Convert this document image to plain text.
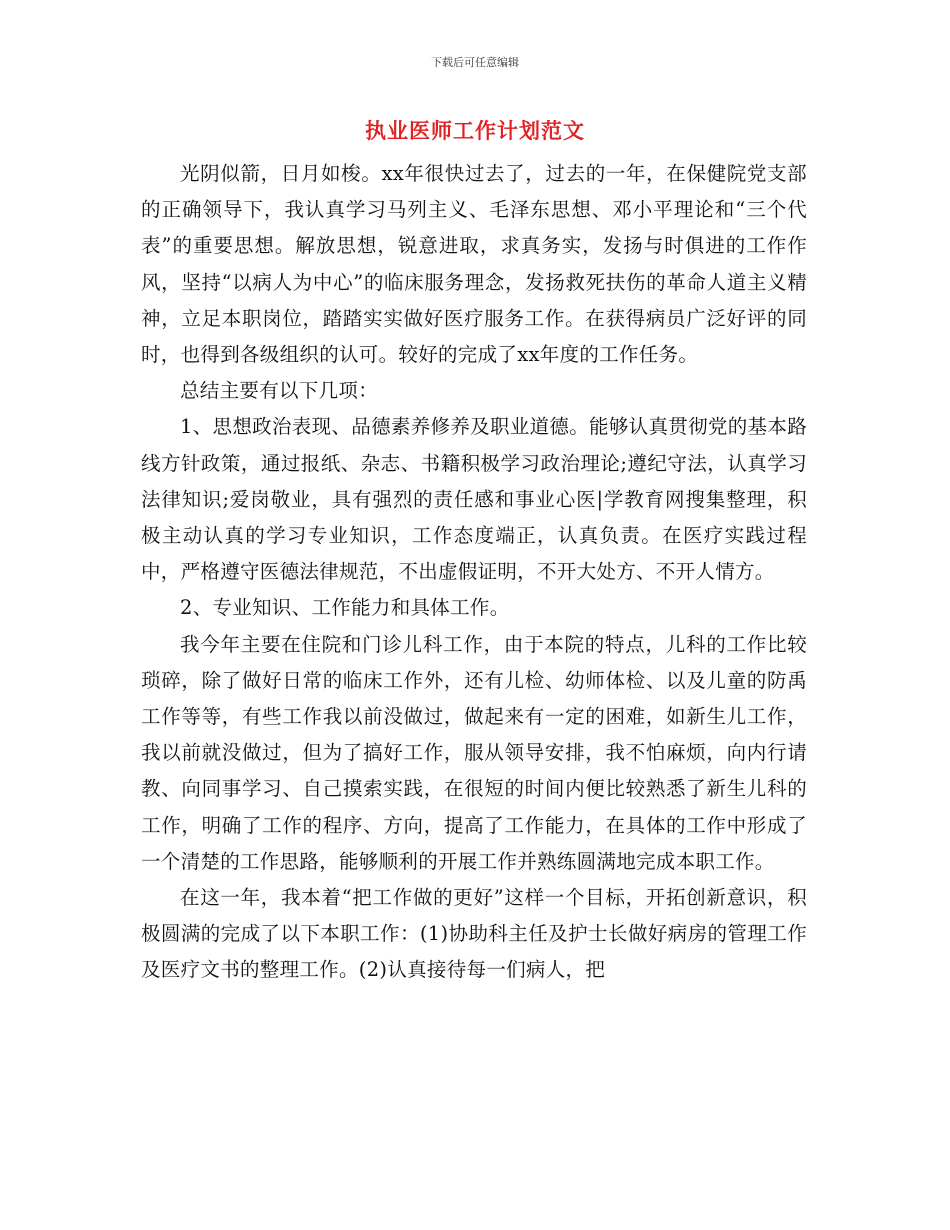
下载后可任意编辑
执业医师工作计划范文

光阴似箭，日月如梭。xx年很快过去了，过去的一年，在保健院党支部的正确领导下，我认真学习马列主义、毛泽东思想、邓小平理论和“三个代表”的重要思想。解放思想，锐意进取，求真务实，发扬与时俱进的工作作风，坚持“以病人为中心”的临床服务理念，发扬救死扶伤的革命人道主义精神，立足本职岗位，踏踏实实做好医疗服务工作。在获得病员广泛好评的同时，也得到各级组织的认可。较好的完成了xx年度的工作任务。

总结主要有以下几项：

1、思想政治表现、品德素养修养及职业道德。能够认真贯彻党的基本路线方针政策，通过报纸、杂志、书籍积极学习政治理论;遵纪守法，认真学习法律知识;爱岗敬业，具有强烈的责任感和事业心医|学教育网搜集整理，积极主动认真的学习专业知识，工作态度端正，认真负责。在医疗实践过程中，严格遵守医德法律规范，不出虚假证明，不开大处方、不开人情方。

2、专业知识、工作能力和具体工作。

我今年主要在住院和门诊儿科工作，由于本院的特点，儿科的工作比较琐碎，除了做好日常的临床工作外，还有儿检、幼师体检、以及儿童的防禹工作等等，有些工作我以前没做过，做起来有一定的困难，如新生儿工作，我以前就没做过，但为了搞好工作，服从领导安排，我不怕麻烦，向内行请教、向同事学习、自己摸索实践，在很短的时间内便比较熟悉了新生儿科的工作，明确了工作的程序、方向，提高了工作能力，在具体的工作中形成了一个清楚的工作思路，能够顺利的开展工作并熟练圆满地完成本职工作。

在这一年，我本着“把工作做的更好”这样一个目标，开拓创新意识，积极圆满的完成了以下本职工作：(1)协助科主任及护士长做好病房的管理工作及医疗文书的整理工作。(2)认真接待每一们病人，把
